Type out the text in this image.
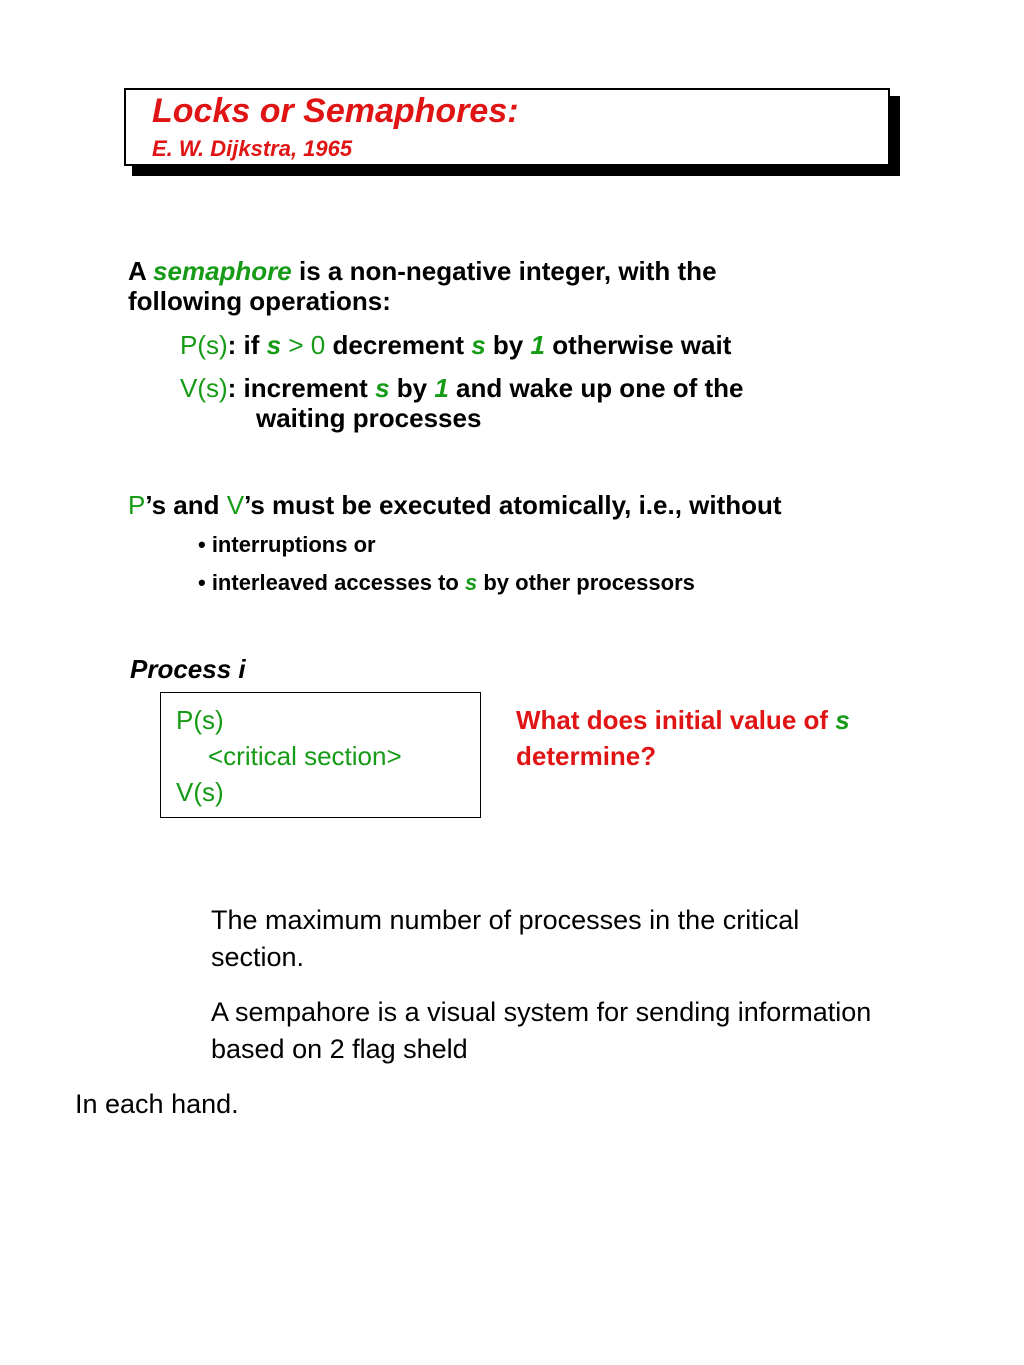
Locks or Semaphores:
E. W. Dijkstra, 1965
A semaphore is a non-negative integer, with the
following operations:
P(s): if s > 0 decrement s by 1 otherwise wait
V(s): increment s by 1 and wake up one of the
waiting processes
P’s and V’s must be executed atomically, i.e., without
• interruptions or
• interleaved accesses to s by other processors
Process i
P(s)
<critical section>
V(s)
What does initial value of s
determine?
The maximum number of processes in the critical
section.
A sempahore is a visual system for sending information
based on 2 flag sheld
In each hand.
